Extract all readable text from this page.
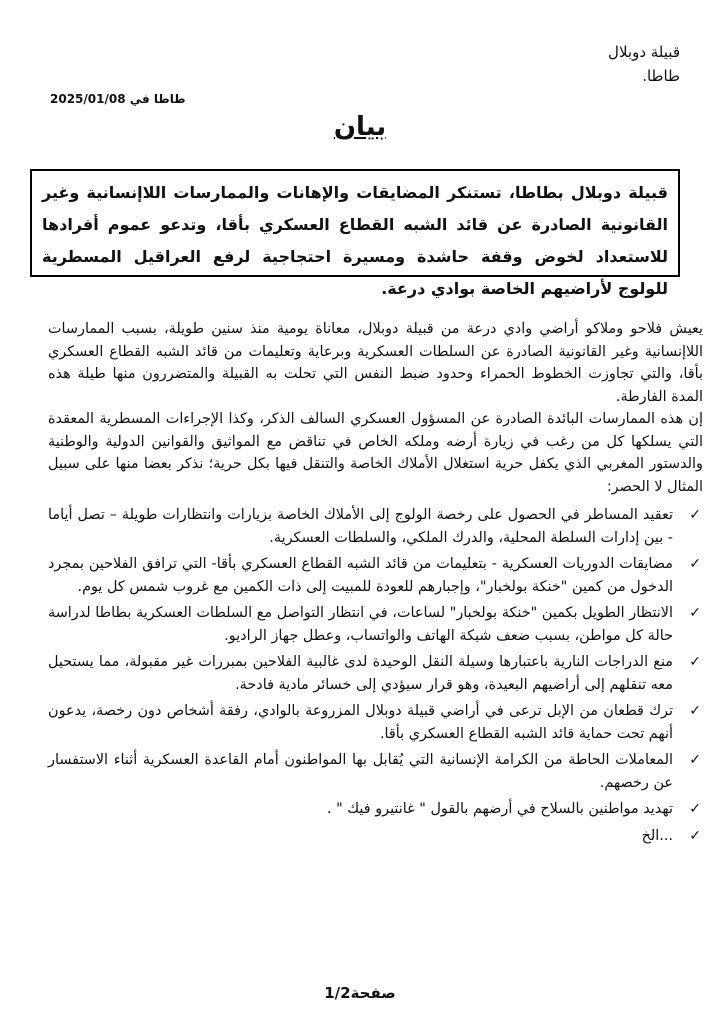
قبيلة دوبلال
طاطا.
طاطا في 2025/01/08
بيان
قبيلة دوبلال بطاطا، تستنكر المضايقات والإهانات والممارسات اللاإنسانية وغير القانونية الصادرة عن قائد الشبه القطاع العسكري بأقا، وتدعو عموم أفرادها للاستعداد لخوض وقفة حاشدة ومسيرة احتجاجية لرفع العراقيل المسطرية للولوج لأراضيهم الخاصة بوادي درعة.

يعيش فلاحو وملاكو أراضي وادي درعة من قبيلة دوبلال، معاناة يومية منذ سنين طويلة، بسبب الممارسات اللاإنسانية وغير القانونية الصادرة عن السلطات العسكرية وبرعاية وتعليمات من قائد الشبه القطاع العسكري بأقا، والتي تجاوزت الخطوط الحمراء وحدود ضبط النفس التي تحلت به القبيلة والمتضررون منها طيلة هذه المدة الفارطة.

إن هذه الممارسات البائدة الصادرة عن المسؤول العسكري السالف الذكر، وكذا الإجراءات المسطرية المعقدة التي يسلكها كل من رغب في زيارة أرضه وملكه الخاص في تناقض مع المواثيق والقوانين الدولية والوطنية والدستور المغربي الذي يكفل حرية استغلال الأملاك الخاصة والتنقل فيها بكل حرية؛ نذكر بعضا منها على سبيل المثال لا الحصر:

✓
تعقيد المساطر في الحصول على رخصة الولوج إلى الأملاك الخاصة بزيارات وانتظارات طويلة – تصل أياما - بين إدارات السلطة المحلية، والدرك الملكي، والسلطات العسكرية.
✓
مضايقات الدوريات العسكرية - بتعليمات من قائد الشبه القطاع العسكري بأقا- التي ترافق الفلاحين بمجرد الدخول من كمين "خنكة بولخبار"، وإجبارهم للعودة للمبيت إلى ذات الكمين مع غروب شمس كل يوم.
✓
الانتظار الطويل بكمين "خنكة بولخبار" لساعات، في انتظار التواصل مع السلطات العسكرية بطاطا لدراسة حالة كل مواطن، بسبب ضعف شبكة الهاتف والواتساب، وعطل جهاز الراديو.
✓
منع الدراجات النارية باعتبارها وسيلة النقل الوحيدة لدى غالبية الفلاحين بمبررات غير مقبولة، مما يستحيل معه تنقلهم إلى أراضيهم البعيدة، وهو قرار سيؤدي إلى خسائر مادية فادحة.
✓
ترك قطعان من الإبل ترعى في أراضي قبيلة دوبلال المزروعة بالوادي، رفقة أشخاص دون رخصة، يدعون أنهم تحت حماية قائد الشبه القطاع العسكري بأقا.
✓
المعاملات الحاطة من الكرامة الإنسانية التي يُقابل بها المواطنون أمام القاعدة العسكرية أثناء الاستفسار عن رخصهم.
✓
تهديد مواطنين بالسلاح في أرضهم بالقول " غانتيرو فيك " .
✓
...الخ
صفحة1/2
